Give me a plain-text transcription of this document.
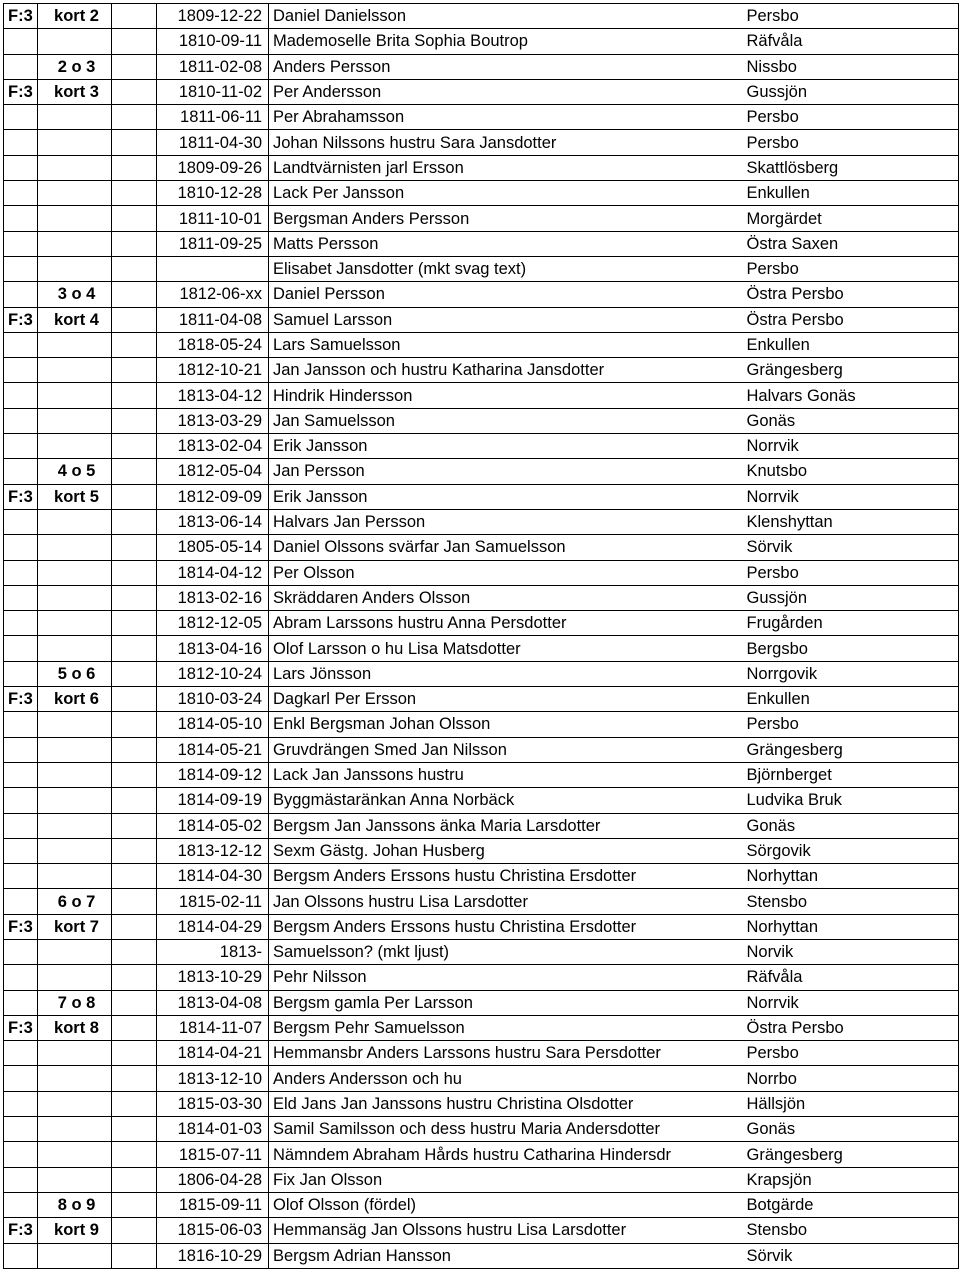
F:3	kort 2		1809-12-22	Daniel Danielsson	Persbo
			1810-09-11	Mademoselle Brita Sophia Boutrop	Räfvåla
	2 o 3		1811-02-08	Anders Persson	Nissbo
F:3	kort 3		1810-11-02	Per Andersson	Gussjön
			1811-06-11	Per Abrahamsson	Persbo
			1811-04-30	Johan Nilssons hustru Sara Jansdotter	Persbo
			1809-09-26	Landtvärnisten jarl Ersson	Skattlösberg
			1810-12-28	Lack Per Jansson	Enkullen
			1811-10-01	Bergsman Anders Persson	Morgärdet
			1811-09-25	Matts Persson	Östra Saxen
				Elisabet Jansdotter (mkt svag text)	Persbo
	3 o 4		1812-06-xx	Daniel Persson	Östra Persbo
F:3	kort 4		1811-04-08	Samuel Larsson	Östra Persbo
			1818-05-24	Lars Samuelsson	Enkullen
			1812-10-21	Jan Jansson och hustru Katharina Jansdotter	Grängesberg
			1813-04-12	Hindrik Hindersson	Halvars Gonäs
			1813-03-29	Jan Samuelsson	Gonäs
			1813-02-04	Erik Jansson	Norrvik
	4 o 5		1812-05-04	Jan Persson	Knutsbo
F:3	kort 5		1812-09-09	Erik Jansson	Norrvik
			1813-06-14	Halvars Jan Persson	Klenshyttan
			1805-05-14	Daniel Olssons svärfar Jan Samuelsson	Sörvik
			1814-04-12	Per Olsson	Persbo
			1813-02-16	Skräddaren Anders Olsson	Gussjön
			1812-12-05	Abram Larssons hustru Anna Persdotter	Frugården
			1813-04-16	Olof Larsson o hu Lisa Matsdotter	Bergsbo
	5 o 6		1812-10-24	Lars Jönsson	Norrgovik
F:3	kort 6		1810-03-24	Dagkarl Per Ersson	Enkullen
			1814-05-10	Enkl Bergsman Johan Olsson	Persbo
			1814-05-21	Gruvdrängen Smed Jan Nilsson	Grängesberg
			1814-09-12	Lack Jan Janssons hustru	Björnberget
			1814-09-19	Byggmästaränkan Anna Norbäck	Ludvika Bruk
			1814-05-02	Bergsm Jan Janssons änka Maria Larsdotter	Gonäs
			1813-12-12	Sexm Gästg. Johan Husberg	Sörgovik
			1814-04-30	Bergsm Anders Erssons hustu Christina Ersdotter	Norhyttan
	6 o 7		1815-02-11	Jan Olssons hustru Lisa Larsdotter	Stensbo
F:3	kort 7		1814-04-29	Bergsm Anders Erssons hustu Christina Ersdotter	Norhyttan
			1813-	Samuelsson? (mkt ljust)	Norvik
			1813-10-29	Pehr Nilsson	Räfvåla
	7 o 8		1813-04-08	Bergsm gamla Per Larsson	Norrvik
F:3	kort 8		1814-11-07	Bergsm Pehr Samuelsson	Östra Persbo
			1814-04-21	Hemmansbr Anders Larssons hustru Sara Persdotter	Persbo
			1813-12-10	Anders Andersson och hu	Norrbo
			1815-03-30	Eld Jans Jan Janssons hustru Christina Olsdotter	Hällsjön
			1814-01-03	Samil Samilsson och dess hustru Maria Andersdotter	Gonäs
			1815-07-11	Nämndem Abraham Hårds hustru Catharina Hindersdr	Grängesberg
			1806-04-28	Fix Jan Olsson	Krapsjön
	8 o 9		1815-09-11	Olof Olsson (fördel)	Botgärde
F:3	kort 9		1815-06-03	Hemmansäg Jan Olssons hustru Lisa Larsdotter	Stensbo
			1816-10-29	Bergsm Adrian Hansson	Sörvik
